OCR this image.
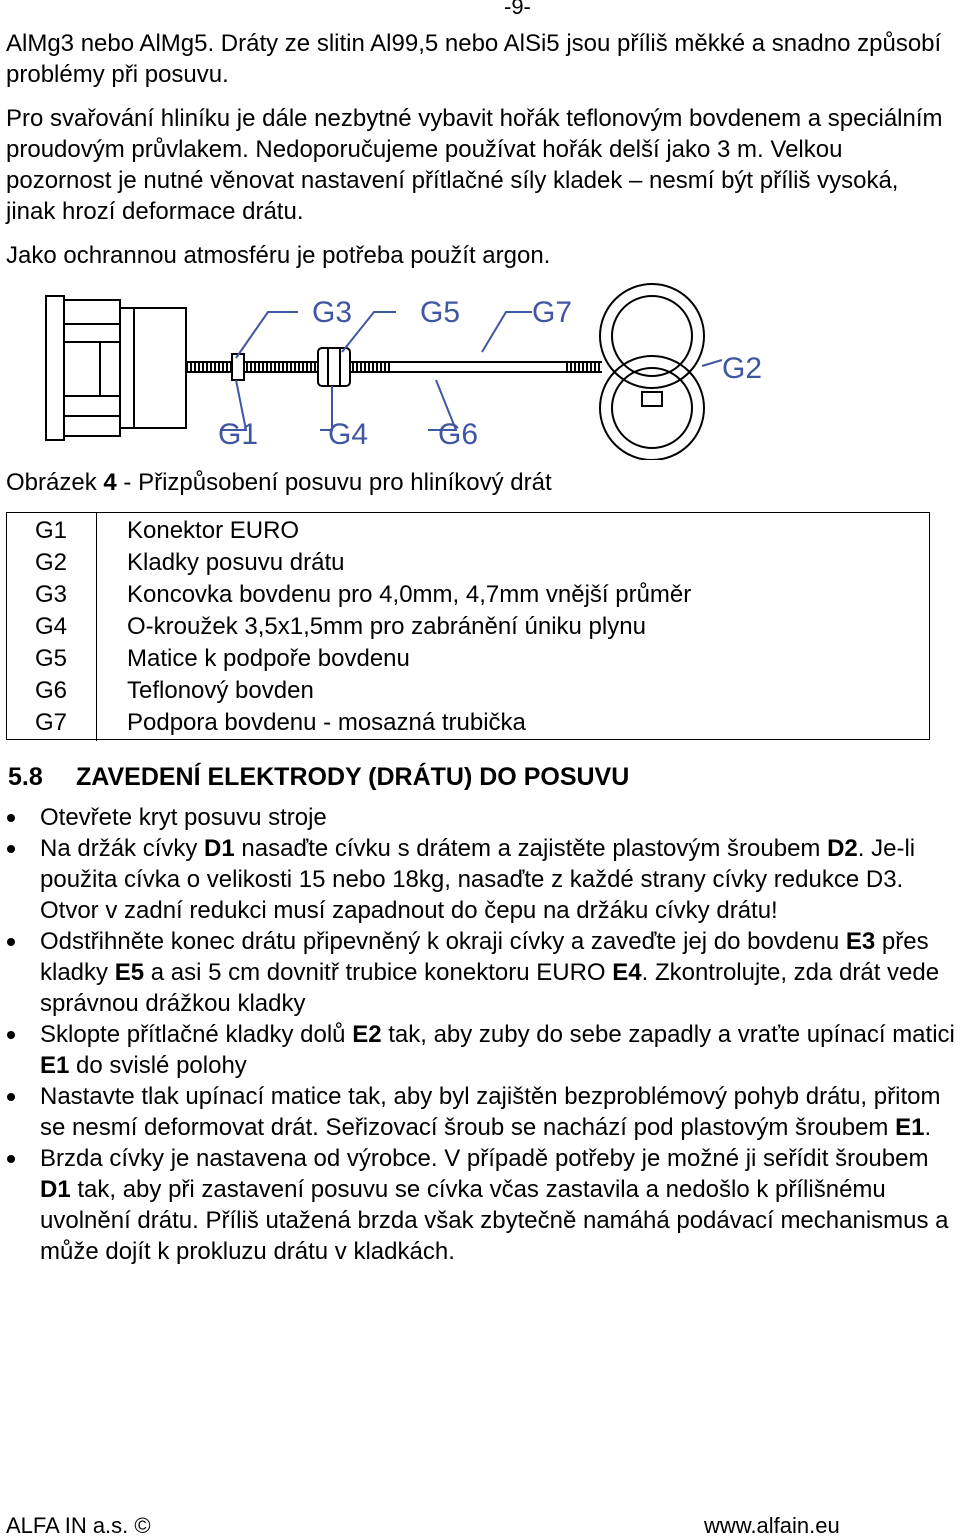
-9-
AlMg3 nebo AlMg5. Dráty ze slitin Al99,5 nebo AlSi5 jsou příliš měkké a snadno způsobí problémy při posuvu.
Pro svařování hliníku je dále nezbytné vybavit hořák teflonovým bovdenem a speciálním proudovým průvlakem. Nedoporučujeme používat hořák delší jako 3 m. Velkou pozornost je nutné věnovat nastavení přítlačné síly kladek – nesmí být příliš vysoká, jinak hrozí deformace drátu.
Jako ochrannou atmosféru je potřeba použít argon.
G3 G5 G7
G2
G1 G4 G6
Obrázek 4 - Přizpůsobení posuvu pro hliníkový drát
G1	Konektor EURO
G2	Kladky posuvu drátu
G3	Koncovka bovdenu pro 4,0mm, 4,7mm vnější průměr
G4	O-kroužek 3,5x1,5mm pro zabránění úniku plynu
G5	Matice k podpoře bovdenu
G6	Teflonový bovden
G7	Podpora bovdenu - mosazná trubička
5.8 ZAVEDENÍ ELEKTRODY (DRÁTU) DO POSUVU
Otevřete kryt posuvu stroje
Na držák cívky D1 nasaďte cívku s drátem a zajistěte plastovým šroubem D2. Je-li použita cívka o velikosti 15 nebo 18kg, nasaďte z každé strany cívky redukce D3. Otvor v zadní redukci musí zapadnout do čepu na držáku cívky drátu!
Odstřihněte konec drátu připevněný k okraji cívky a zaveďte jej do bovdenu E3 přes kladky E5 a asi 5 cm dovnitř trubice konektoru EURO E4. Zkontrolujte, zda drát vede správnou drážkou kladky
Sklopte přítlačné kladky dolů E2 tak, aby zuby do sebe zapadly a vraťte upínací matici E1 do svislé polohy
Nastavte tlak upínací matice tak, aby byl zajištěn bezproblémový pohyb drátu, přitom se nesmí deformovat drát. Seřizovací šroub se nachází pod plastovým šroubem E1.
Brzda cívky je nastavena od výrobce. V případě potřeby je možné ji seřídit šroubem D1 tak, aby při zastavení posuvu se cívka včas zastavila a nedošlo k přílišnému uvolnění drátu. Příliš utažená brzda však zbytečně namáhá podávací mechanismus a může dojít k prokluzu drátu v kladkách.
ALFA IN a.s. ©	www.alfain.eu
